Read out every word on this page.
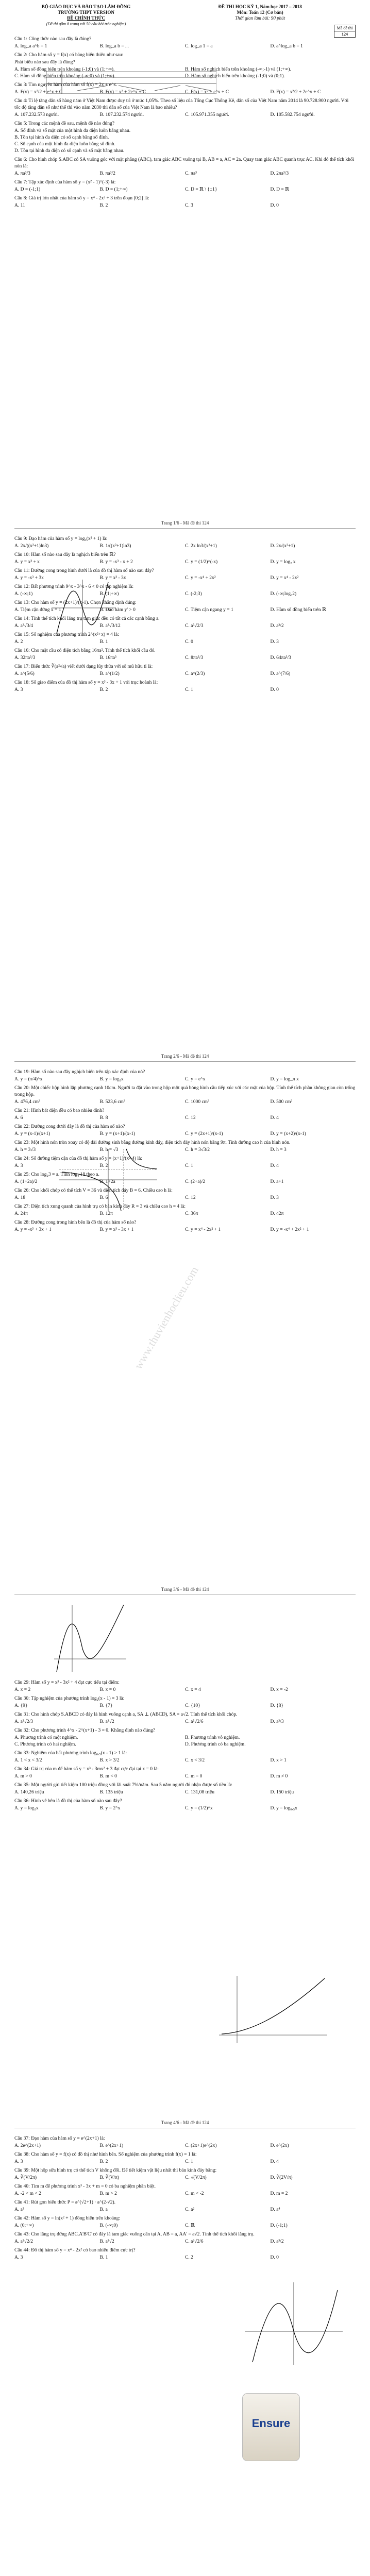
BỘ GIÁO DỤC VÀ ĐÀO TẠO LÂM ĐỒNG
TRƯỜNG THPT VERSION
ĐỀ CHÍNH THỨC
(Đề thi gồm 8 trang với 50 câu hỏi trắc nghiệm)
ĐỀ THI HỌC KỲ 1, Năm học 2017 – 2018
Môn: Toán 12 (Cơ bản)
Thời gian làm bài: 90 phút
Mã đề thi
124
Câu 1: Công thức nào sau đây là đúng?
A. log_a a^b = 1	B. log_a b = ...	C. log_a 1 = a	D. a^log_a b = 1
Câu 2: Cho hàm số y = f(x) có bảng biến thiên như sau:
Phát biểu nào sau đây là đúng?
A. Hàm số đồng biến trên khoảng (-1;0) và (1;+∞).	B. Hàm số nghịch biến trên khoảng (-∞;-1) và (1;+∞).
C. Hàm số đồng biến trên khoảng (-∞;0) và (1;+∞).	D. Hàm số nghịch biến trên khoảng (-1;0) và (0;1).
Câu 3: Tìm nguyên hàm của hàm số f(x) = 2x + e^x.
A. F(x) = x²/2 + e^x + C	B. F(x) = x² + 2e^x + C	C. F(x) = x² + e^x + C	D. F(x) = x²/2 + 2e^x + C
Câu 4: Tỉ lệ tăng dân số hàng năm ở Việt Nam được duy trì ở mức 1,05%. Theo số liệu của Tổng Cục Thống Kê, dân số của Việt Nam năm 2014 là 90.728.900 người. Với tốc độ tăng dân số như thế thì vào năm 2030 thì dân số của Việt Nam là bao nhiêu?
A. 107.232.573 người.	B. 107.232.574 người.	C. 105.971.355 người.	D. 105.582.754 người.
Câu 5: Trong các mệnh đề sau, mệnh đề nào đúng?
A. Số đỉnh và số mặt của một hình đa diện luôn bằng nhau.
B. Tồn tại hình đa diện có số cạnh bằng số đỉnh.
C. Số cạnh của một hình đa diện luôn bằng số đỉnh.
D. Tồn tại hình đa diện có số cạnh và số mặt bằng nhau.
Câu 6: Cho hình chóp S.ABC có SA vuông góc với mặt phẳng (ABC), tam giác ABC vuông tại B, AB = a, AC = 2a. Quay tam giác ABC quanh trục AC. Khi đó thể tích khối nón là:
A. πa³/3	B. πa³/2	C. πa³	D. 2πa³/3
Câu 7: Tập xác định của hàm số y = (x² - 1)^(-3) là:
A. D = (-1;1)	B. D = (1;+∞)	C. D = ℝ \ {±1}	D. D = ℝ
Câu 8: Giá trị lớn nhất của hàm số y = x⁴ - 2x² + 3 trên đoạn [0;2] là:
A. 11	B. 2	C. 3	D. 0
Trang 1/6 - Mã đề thi 124
Câu 9: Đạo hàm của hàm số y = log₃(x² + 1) là:
A. 2x/((x²+1)ln3)	B. 1/((x²+1)ln3)	C. 2x ln3/(x²+1)	D. 2x/(x²+1)
Câu 10: Hàm số nào sau đây là nghịch biến trên ℝ?
A. y = x³ + x	B. y = -x³ - x + 2	C. y = (1/2)^(-x)	D. y = log₂ x
Câu 11: Đường cong trong hình dưới là của đồ thị hàm số nào sau đây?
A. y = -x³ + 3x	B. y = x³ - 3x	C. y = -x⁴ + 2x²	D. y = x⁴ - 2x²
Câu 12: Bất phương trình 9^x - 3^x - 6 < 0 có tập nghiệm là:
A. (-∞;1)	B. (1;+∞)	C. (-2;3)	D. (-∞;log₃2)
Câu 13: Cho hàm số y = (2x+1)/(x-1). Chọn khẳng định đúng:
A. Tiệm cận đứng x = 1	B. Đạo hàm y' > 0	C. Tiệm cận ngang y = 1	D. Hàm số đồng biến trên ℝ
Câu 14: Tính thể tích khối lăng trụ tam giác đều có tất cả các cạnh bằng a.
A. a³√3/4	B. a³√3/12	C. a³√2/3	D. a³/2
Câu 15: Số nghiệm của phương trình 2^(x²+x) = 4 là:
A. 2	B. 1	C. 0	D. 3
Câu 16: Cho mặt cầu có diện tích bằng 16πa². Tính thể tích khối cầu đó.
A. 32πa³/3	B. 16πa³	C. 8πa³/3	D. 64πa³/3
Câu 17: Biểu thức ∛(a²√a) viết dưới dạng lũy thừa với số mũ hữu tỉ là:
A. a^(5/6)	B. a^(1/2)	C. a^(2/3)	D. a^(7/6)
Câu 18: Số giao điểm của đồ thị hàm số y = x³ - 3x + 1 với trục hoành là:
A. 3	B. 2	C. 1	D. 0
Trang 2/6 - Mã đề thi 124
Câu 19: Hàm số nào sau đây nghịch biến trên tập xác định của nó?
A. y = (π/4)^x	B. y = log₂x	C. y = e^x	D. y = log_π x
Câu 20: Một chiếc hộp hình lập phương cạnh 10cm. Người ta đặt vào trong hộp một quả bóng hình cầu tiếp xúc với các mặt của hộp. Tính thể tích phần không gian còn trống trong hộp.
A. 476,4 cm³	B. 523,6 cm³	C. 1000 cm³	D. 500 cm³
Câu 21: Hình bát diện đều có bao nhiêu đỉnh?
A. 6	B. 8	C. 12	D. 4
Câu 22: Đường cong dưới đây là đồ thị của hàm số nào?
A. y = (x-1)/(x+1)	B. y = (x+1)/(x-1)	C. y = (2x+1)/(x-1)	D. y = (x+2)/(x-1)
Câu 23: Một hình nón tròn xoay có độ dài đường sinh bằng đường kính đáy, diện tích đáy hình nón bằng 9π. Tính đường cao h của hình nón.
A. h = 3√3	B. h = √3	C. h = 3√3/2	D. h = 3
Câu 24: Số đường tiệm cận của đồ thị hàm số y = (x+1)/(x²-4) là:
A. 3	B. 2	C. 1	D. 4
Câu 25: Cho log₂3 = a. Tính log₄ 18 theo a.
A. (1+2a)/2	B. 1+2a	C. (2+a)/2	D. a+1
Câu 26: Cho khối chóp có thể tích V = 36 và diện tích đáy B = 6. Chiều cao h là:
A. 18	B. 6	C. 12	D. 3
Câu 27: Diện tích xung quanh của hình trụ có bán kính đáy R = 3 và chiều cao h = 4 là:
A. 24π	B. 12π	C. 36π	D. 42π
Câu 28: Đường cong trong hình bên là đồ thị của hàm số nào?
A. y = -x³ + 3x + 1	B. y = x³ - 3x + 1	C. y = x⁴ - 2x² + 1	D. y = -x⁴ + 2x² + 1
www.thuvienhoclieu.com
Trang 3/6 - Mã đề thi 124
Câu 29: Hàm số y = x³ - 3x² + 4 đạt cực tiểu tại điểm:
A. x = 2	B. x = 0	C. x = 4	D. x = -2
Câu 30: Tập nghiệm của phương trình log₂(x - 1) = 3 là:
A. {9}	B. {7}	C. {10}	D. {8}
Câu 31: Cho hình chóp S.ABCD có đáy là hình vuông cạnh a, SA ⊥ (ABCD), SA = a√2. Tính thể tích khối chóp.
A. a³√2/3	B. a³√2	C. a³√2/6	D. a³/3
Câu 32: Cho phương trình 4^x - 2^(x+1) - 3 = 0. Khẳng định nào đúng?
A. Phương trình có một nghiệm.	B. Phương trình vô nghiệm.
C. Phương trình có hai nghiệm.	D. Phương trình có ba nghiệm.
Câu 33: Nghiệm của bất phương trình log₀,₅(x - 1) > 1 là:
A. 1 < x < 3/2	B. x > 3/2	C. x < 3/2	D. x > 1
Câu 34: Giá trị của m để hàm số y = x³ - 3mx² + 3 đạt cực đại tại x = 0 là:
A. m > 0	B. m < 0	C. m = 0	D. m ≠ 0
Câu 35: Một người gửi tiết kiệm 100 triệu đồng với lãi suất 7%/năm. Sau 5 năm người đó nhận được số tiền là:
A. 140,26 triệu	B. 135 triệu	C. 131,08 triệu	D. 150 triệu
Câu 36: Hình vẽ bên là đồ thị của hàm số nào sau đây?
A. y = log₂x	B. y = 2^x	C. y = (1/2)^x	D. y = log₀,₅x
Trang 4/6 - Mã đề thi 124
Câu 37: Đạo hàm của hàm số y = e^(2x+1) là:
A. 2e^(2x+1)	B. e^(2x+1)	C. (2x+1)e^(2x)	D. e^(2x)
Câu 38: Cho hàm số y = f(x) có đồ thị như hình bên. Số nghiệm của phương trình f(x) = 1 là:
A. 3	B. 2	C. 1	D. 4
Câu 39: Một hộp sữa hình trụ có thể tích V không đổi. Để tiết kiệm vật liệu nhất thì bán kính đáy bằng:
A. ∛(V/2π)	B. ∛(V/π)	C. √(V/2π)	D. ∛(2V/π)
Câu 40: Tìm m để phương trình x³ - 3x + m = 0 có ba nghiệm phân biệt.
A. -2 < m < 2	B. m > 2	C. m < -2	D. m = 2
Câu 41: Rút gọn biểu thức P = a^(√2+1) · a^(2-√2).
A. a³	B. a	C. a²	D. a⁴
Câu 42: Hàm số y = ln(x² + 1) đồng biến trên khoảng:
A. (0;+∞)	B. (-∞;0)	C. ℝ	D. (-1;1)
Câu 43: Cho lăng trụ đứng ABC.A'B'C' có đáy là tam giác vuông cân tại A, AB = a, AA' = a√2. Tính thể tích khối lăng trụ.
A. a³√2/2	B. a³√2	C. a³√2/6	D. a³/2
Câu 44: Đồ thị hàm số y = x⁴ - 2x² có bao nhiêu điểm cực trị?
A. 3	B. 1	C. 2	D. 0
Ensure
